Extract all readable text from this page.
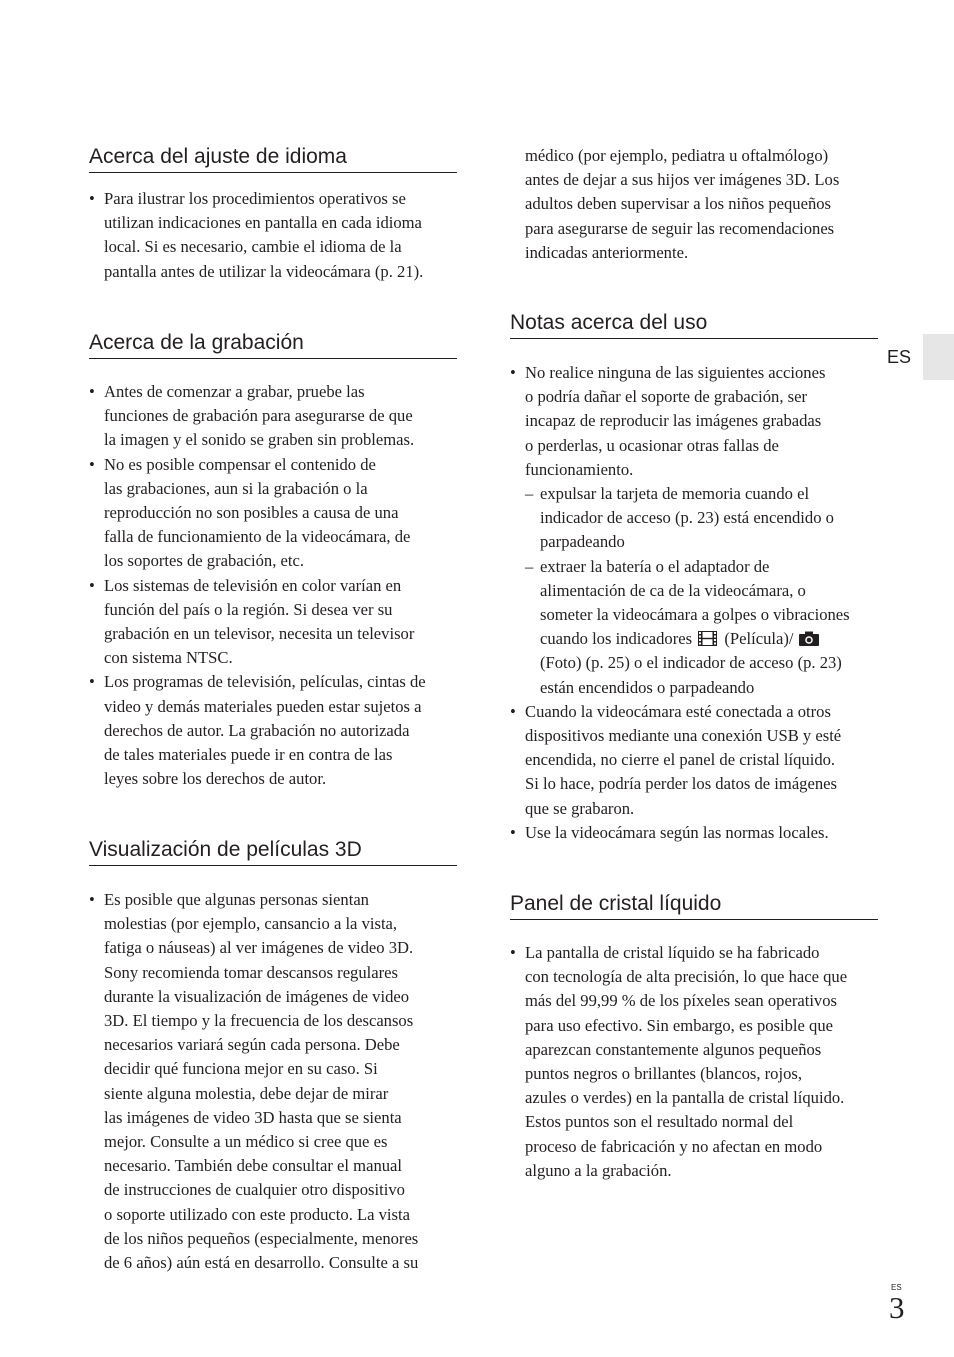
Acerca del ajuste de idioma
• Para ilustrar los procedimientos operativos se
utilizan indicaciones en pantalla en cada idioma
local. Si es necesario, cambie el idioma de la
pantalla antes de utilizar la videocámara (p. 21).
Acerca de la grabación
• Antes de comenzar a grabar, pruebe las
funciones de grabación para asegurarse de que
la imagen y el sonido se graben sin problemas.
• No es posible compensar el contenido de
las grabaciones, aun si la grabación o la
reproducción no son posibles a causa de una
falla de funcionamiento de la videocámara, de
los soportes de grabación, etc.
• Los sistemas de televisión en color varían en
función del país o la región. Si desea ver su
grabación en un televisor, necesita un televisor
con sistema NTSC.
• Los programas de televisión, películas, cintas de
video y demás materiales pueden estar sujetos a
derechos de autor. La grabación no autorizada
de tales materiales puede ir en contra de las
leyes sobre los derechos de autor.
Visualización de películas 3D
• Es posible que algunas personas sientan
molestias (por ejemplo, cansancio a la vista,
fatiga o náuseas) al ver imágenes de video 3D.
Sony recomienda tomar descansos regulares
durante la visualización de imágenes de video
3D. El tiempo y la frecuencia de los descansos
necesarios variará según cada persona. Debe
decidir qué funciona mejor en su caso. Si
siente alguna molestia, debe dejar de mirar
las imágenes de video 3D hasta que se sienta
mejor. Consulte a un médico si cree que es
necesario. También debe consultar el manual
de instrucciones de cualquier otro dispositivo
o soporte utilizado con este producto. La vista
de los niños pequeños (especialmente, menores
de 6 años) aún está en desarrollo. Consulte a su
médico (por ejemplo, pediatra u oftalmólogo)
antes de dejar a sus hijos ver imágenes 3D. Los
adultos deben supervisar a los niños pequeños
para asegurarse de seguir las recomendaciones
indicadas anteriormente.
Notas acerca del uso
• No realice ninguna de las siguientes acciones
o podría dañar el soporte de grabación, ser
incapaz de reproducir las imágenes grabadas
o perderlas, u ocasionar otras fallas de
funcionamiento.
– expulsar la tarjeta de memoria cuando el
indicador de acceso (p. 23) está encendido o
parpadeando
– extraer la batería o el adaptador de
alimentación de ca de la videocámara, o
someter la videocámara a golpes o vibraciones
cuando los indicadores (Película)/
(Foto) (p. 25) o el indicador de acceso (p. 23)
están encendidos o parpadeando
• Cuando la videocámara esté conectada a otros
dispositivos mediante una conexión USB y esté
encendida, no cierre el panel de cristal líquido.
Si lo hace, podría perder los datos de imágenes
que se grabaron.
• Use la videocámara según las normas locales.
Panel de cristal líquido
• La pantalla de cristal líquido se ha fabricado
con tecnología de alta precisión, lo que hace que
más del 99,99 % de los píxeles sean operativos
para uso efectivo. Sin embargo, es posible que
aparezcan constantemente algunos pequeños
puntos negros o brillantes (blancos, rojos,
azules o verdes) en la pantalla de cristal líquido.
Estos puntos son el resultado normal del
proceso de fabricación y no afectan en modo
alguno a la grabación.
ES
ES
3
